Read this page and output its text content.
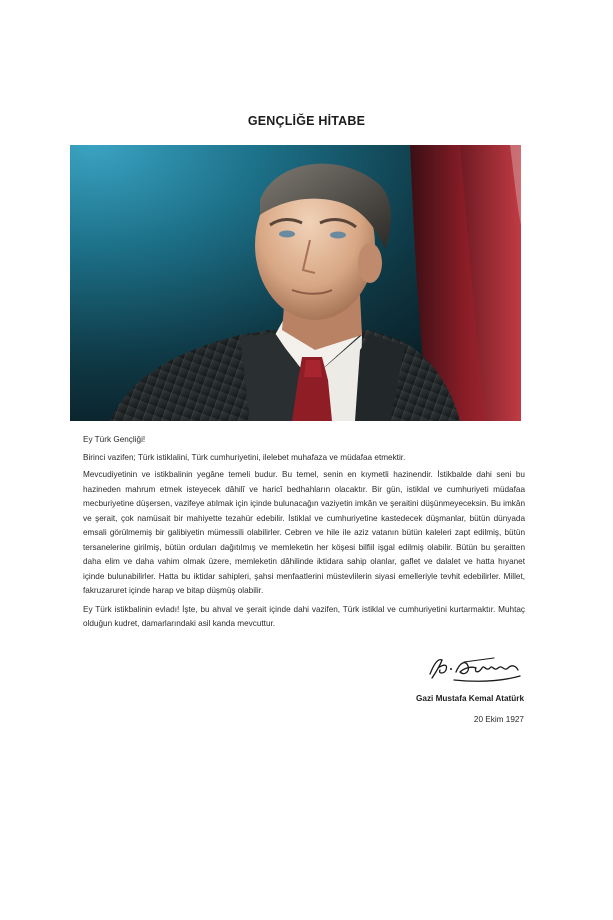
GENÇLİĞE HİTABE

Ey Türk Gençliği!

Birinci vazifen; Türk istiklalini, Türk cumhuriyetini, ilelebet muhafaza ve müdafaa etmektir.

Mevcudiyetinin ve istikbalinin yegâne temeli budur. Bu temel, senin en kıymetli hazinendir. İstikbalde dahi seni bu hazineden mahrum etmek isteyecek dâhilî ve haricî bedhahların olacaktır. Bir gün, istiklal ve cumhuriyeti müdafaa mecburiyetine düşersen, vazifeye atılmak için içinde bulunacağın vaziyetin imkân ve şeraitini düşünmeyeceksin. Bu imkân ve şerait, çok namüsait bir mahiyette tezahür edebilir. İstiklal ve cumhuriyetine kastedecek düşmanlar, bütün dünyada emsali görülmemiş bir galibiyetin mümessili olabilirler. Cebren ve hile ile aziz vatanın bütün kaleleri zapt edilmiş, bütün tersanelerine girilmiş, bütün orduları dağıtılmış ve memleketin her köşesi bilfiil işgal edilmiş olabilir. Bütün bu şeraitten daha elim ve daha vahim olmak üzere, memleketin dâhilinde iktidara sahip olanlar, gaflet ve dalalet ve hatta hıyanet içinde bulunabilirler. Hatta bu iktidar sahipleri, şahsi menfaatlerini müstevlilerin siyasi emelleriyle tevhit edebilirler. Millet, fakruzaruret içinde harap ve bitap düşmüş olabilir.

Ey Türk istikbalinin evladı! İşte, bu ahval ve şerait içinde dahi vazifen, Türk istiklal ve cumhuriyetini kurtarmaktır. Muhtaç olduğun kudret, damarlarındaki asil kanda mevcuttur.

Gazi Mustafa Kemal Atatürk
20 Ekim 1927
